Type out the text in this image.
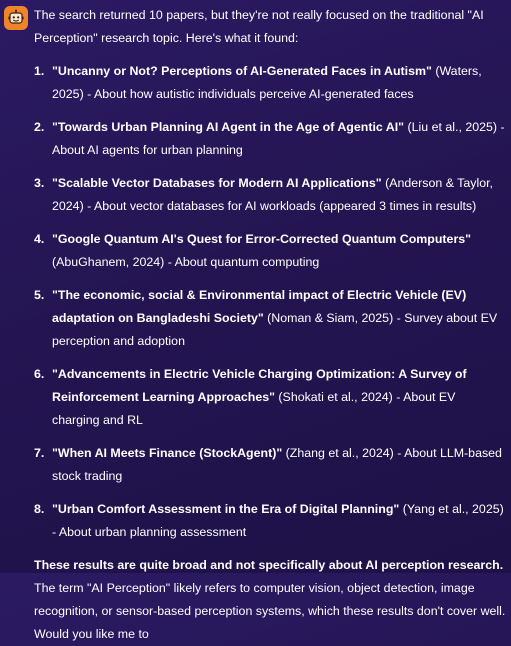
The search returned 10 papers, but they're not really focused on the traditional "AI Perception" research topic. Here's what it found:

1. "Uncanny or Not? Perceptions of AI-Generated Faces in Autism" (Waters, 2025) - About how autistic individuals perceive AI-generated faces
2. "Towards Urban Planning AI Agent in the Age of Agentic AI" (Liu et al., 2025) - About AI agents for urban planning
3. "Scalable Vector Databases for Modern AI Applications" (Anderson & Taylor, 2024) - About vector databases for AI workloads (appeared 3 times in results)
4. "Google Quantum AI's Quest for Error-Corrected Quantum Computers" (AbuGhanem, 2024) - About quantum computing
5. "The economic, social & Environmental impact of Electric Vehicle (EV) adaptation on Bangladeshi Society" (Noman & Siam, 2025) - Survey about EV perception and adoption
6. "Advancements in Electric Vehicle Charging Optimization: A Survey of Reinforcement Learning Approaches" (Shokati et al., 2024) - About EV charging and RL
7. "When AI Meets Finance (StockAgent)" (Zhang et al., 2024) - About LLM-based stock trading
8. "Urban Comfort Assessment in the Era of Digital Planning" (Yang et al., 2025) - About urban planning assessment

These results are quite broad and not specifically about AI perception research. The term "AI Perception" likely refers to computer vision, object detection, image recognition, or sensor-based perception systems, which these results don't cover well. Would you like me to
